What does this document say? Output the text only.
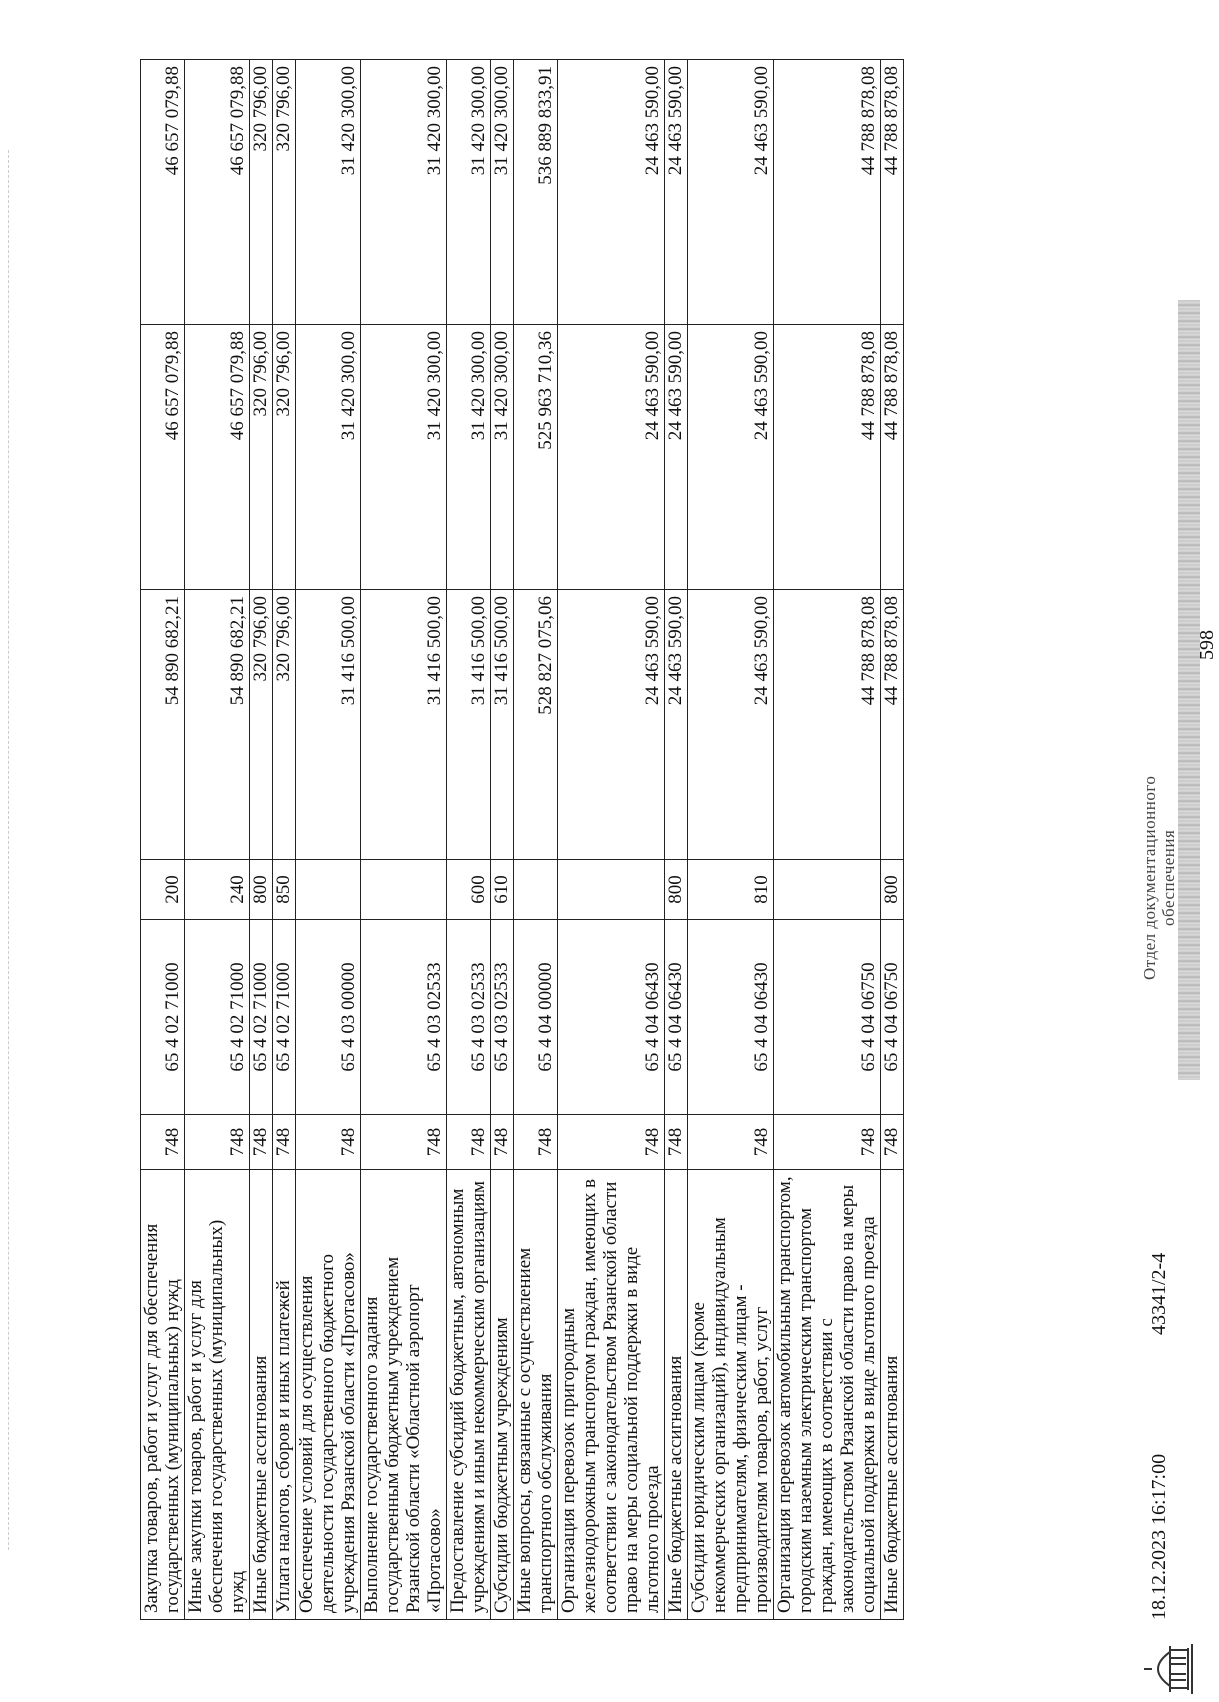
Закупка товаров, работ и услуг для обеспечения государственных (муниципальных) нужд	748	65 4 02 71000	200	54 890 682,21	46 657 079,88	46 657 079,88
Иные закупки товаров, работ и услуг для обеспечения государственных (муниципальных) нужд	748	65 4 02 71000	240	54 890 682,21	46 657 079,88	46 657 079,88
Иные бюджетные ассигнования	748	65 4 02 71000	800	320 796,00	320 796,00	320 796,00
Уплата налогов, сборов и иных платежей	748	65 4 02 71000	850	320 796,00	320 796,00	320 796,00
Обеспечение условий для осуществления деятельности государственного бюджетного учреждения Рязанской области «Протасово»	748	65 4 03 00000		31 416 500,00	31 420 300,00	31 420 300,00
Выполнение государственного задания государственным бюджетным учреждением Рязанской области «Областной аэропорт «Протасово»	748	65 4 03 02533		31 416 500,00	31 420 300,00	31 420 300,00
Предоставление субсидий бюджетным, автономным учреждениям и иным некоммерческим организациям	748	65 4 03 02533	600	31 416 500,00	31 420 300,00	31 420 300,00
Субсидии бюджетным учреждениям	748	65 4 03 02533	610	31 416 500,00	31 420 300,00	31 420 300,00
Иные вопросы, связанные с осуществлением транспортного обслуживания	748	65 4 04 00000		528 827 075,06	525 963 710,36	536 889 833,91
Организация перевозок пригородным железнодорожным транспортом граждан, имеющих в соответствии с законодательством Рязанской области право на меры социальной поддержки в виде льготного проезда	748	65 4 04 06430		24 463 590,00	24 463 590,00	24 463 590,00
Иные бюджетные ассигнования	748	65 4 04 06430	800	24 463 590,00	24 463 590,00	24 463 590,00
Субсидии юридическим лицам (кроме некоммерческих организаций), индивидуальным предпринимателям, физическим лицам - производителям товаров, работ, услуг	748	65 4 04 06430	810	24 463 590,00	24 463 590,00	24 463 590,00
Организация перевозок автомобильным транспортом, городским наземным электрическим транспортом граждан, имеющих в соответствии с законодательством Рязанской области право на меры социальной поддержки в виде льготного проезда	748	65 4 04 06750		44 788 878,08	44 788 878,08	44 788 878,08
Иные бюджетные ассигнования	748	65 4 04 06750	800	44 788 878,08	44 788 878,08	44 788 878,08
18.12.2023 16:17:00
43341/2-4
Отдел документационного обеспечения
598
